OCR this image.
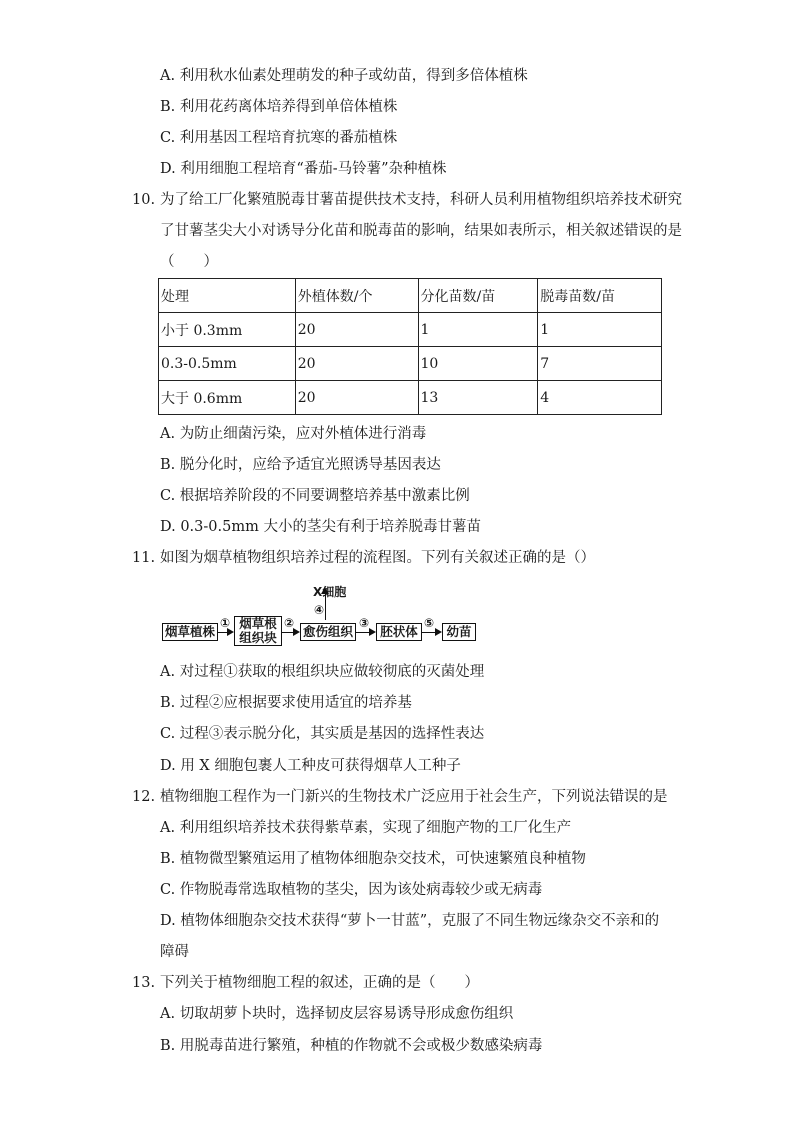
A. 利用秋水仙素处理萌发的种子或幼苗，得到多倍体植株
B. 利用花药离体培养得到单倍体植株
C. 利用基因工程培育抗寒的番茄植株
D. 利用细胞工程培育“番茄-马铃薯”杂种植株
10. 为了给工厂化繁殖脱毒甘薯苗提供技术支持，科研人员利用植物组织培养技术研究
了甘薯茎尖大小对诱导分化苗和脱毒苗的影响，结果如表所示，相关叙述错误的是
（　　）
处理	外植体数/个	分化苗数/苗	脱毒苗数/苗
小于 0.3mm	20	1	1
0.3-0.5mm	20	10	7
大于 0.6mm	20	13	4
A. 为防止细菌污染，应对外植体进行消毒
B. 脱分化时，应给予适宜光照诱导基因表达
C. 根据培养阶段的不同要调整培养基中激素比例
D. 0.3-0.5mm 大小的茎尖有利于培养脱毒甘薯苗
11. 如图为烟草植物组织培养过程的流程图。下列有关叙述正确的是（）
X细胞
④
烟草植株
① 烟草根
组织块
②
愈伤组织
③
胚状体
⑤
幼苗
A. 对过程①获取的根组织块应做较彻底的灭菌处理
B. 过程②应根据要求使用适宜的培养基
C. 过程③表示脱分化，其实质是基因的选择性表达
D. 用 X 细胞包裹人工种皮可获得烟草人工种子
12. 植物细胞工程作为一门新兴的生物技术广泛应用于社会生产，下列说法错误的是
A. 利用组织培养技术获得紫草素，实现了细胞产物的工厂化生产
B. 植物微型繁殖运用了植物体细胞杂交技术，可快速繁殖良种植物
C. 作物脱毒常选取植物的茎尖，因为该处病毒较少或无病毒
D. 植物体细胞杂交技术获得“萝卜一甘蓝”，克服了不同生物远缘杂交不亲和的
障碍
13. 下列关于植物细胞工程的叙述，正确的是（　　）
A. 切取胡萝卜块时，选择韧皮层容易诱导形成愈伤组织
B. 用脱毒苗进行繁殖，种植的作物就不会或极少数感染病毒
